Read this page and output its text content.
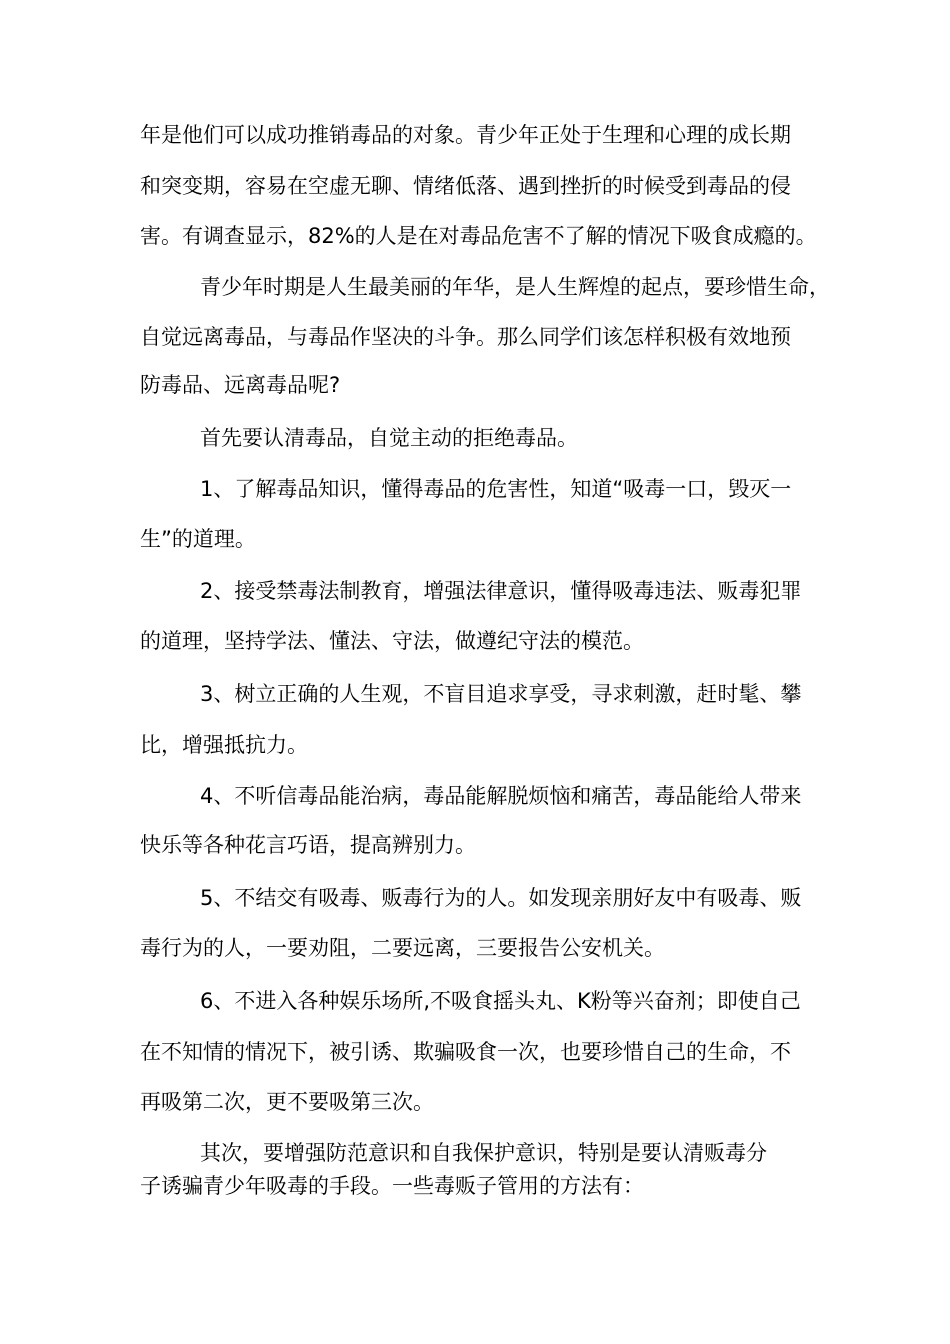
年是他们可以成功推销毒品的对象。青少年正处于生理和心理的成长期
和突变期，容易在空虚无聊、情绪低落、遇到挫折的时候受到毒品的侵
害。有调查显示，82%的人是在对毒品危害不了解的情况下吸食成瘾的。
青少年时期是人生最美丽的年华，是人生辉煌的起点，要珍惜生命，
自觉远离毒品，与毒品作坚决的斗争。那么同学们该怎样积极有效地预
防毒品、远离毒品呢?
首先要认清毒品，自觉主动的拒绝毒品。
1、了解毒品知识，懂得毒品的危害性，知道“吸毒一口，毁灭一
生”的道理。
2、接受禁毒法制教育，增强法律意识，懂得吸毒违法、贩毒犯罪
的道理，坚持学法、懂法、守法，做遵纪守法的模范。
3、树立正确的人生观，不盲目追求享受，寻求刺激，赶时髦、攀
比，增强抵抗力。
4、不听信毒品能治病，毒品能解脱烦恼和痛苦，毒品能给人带来
快乐等各种花言巧语，提高辨别力。
5、不结交有吸毒、贩毒行为的人。如发现亲朋好友中有吸毒、贩
毒行为的人，一要劝阻，二要远离，三要报告公安机关。
6、不进入各种娱乐场所,不吸食摇头丸、K粉等兴奋剂；即使自己
在不知情的情况下，被引诱、欺骗吸食一次，也要珍惜自己的生命，不
再吸第二次，更不要吸第三次。
其次，要增强防范意识和自我保护意识，特别是要认清贩毒分
子诱骗青少年吸毒的手段。一些毒贩子管用的方法有：
